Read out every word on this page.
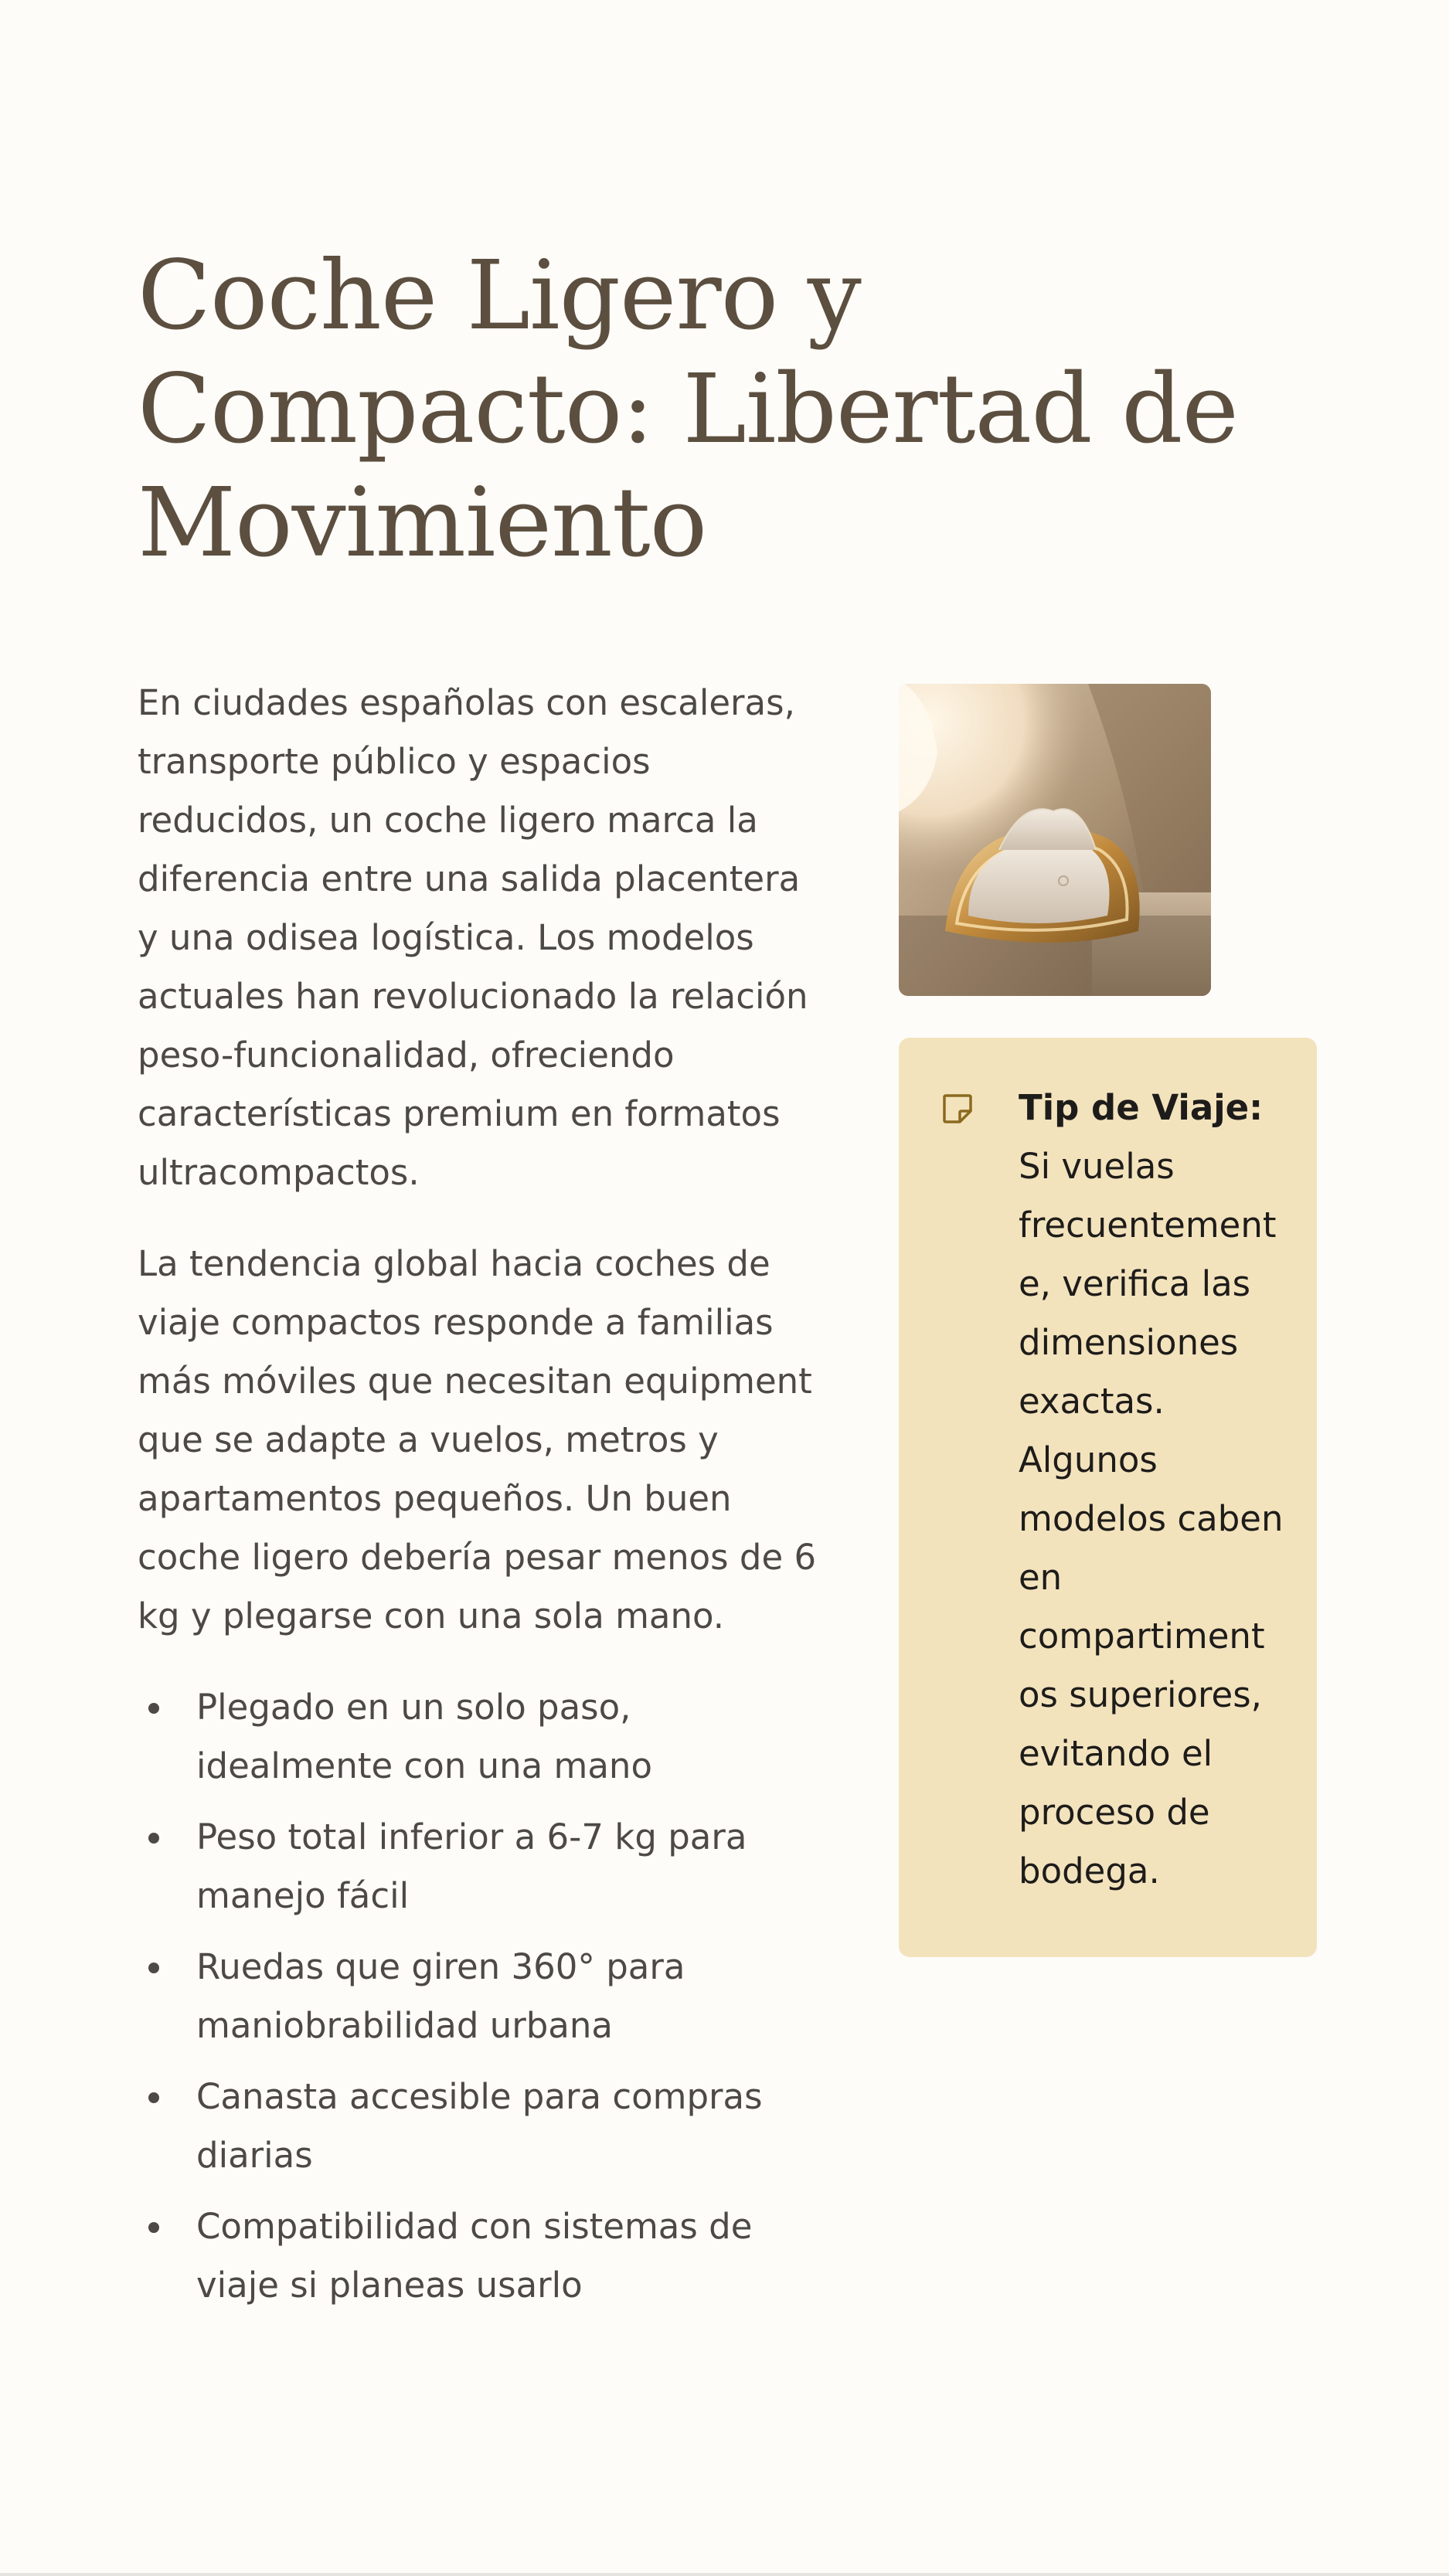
Coche Ligero y Compacto: Libertad de Movimiento

En ciudades españolas con escaleras, transporte público y espacios reducidos, un coche ligero marca la diferencia entre una salida placentera y una odisea logística. Los modelos actuales han revolucionado la relación peso-funcionalidad, ofreciendo características premium en formatos ultracompactos.

La tendencia global hacia coches de viaje compactos responde a familias más móviles que necesitan equipment que se adapte a vuelos, metros y apartamentos pequeños. Un buen coche ligero debería pesar menos de 6 kg y plegarse con una sola mano.

Plegado en un solo paso, idealmente con una mano
Peso total inferior a 6-7 kg para manejo fácil
Ruedas que giren 360° para maniobrabilidad urbana
Canasta accesible para compras diarias
Compatibilidad con sistemas de viaje si planeas usarlo
Tip de Viaje: Si vuelas frecuentemente, verifica las dimensiones exactas. Algunos modelos caben en compartimentos superiores, evitando el proceso de bodega.
